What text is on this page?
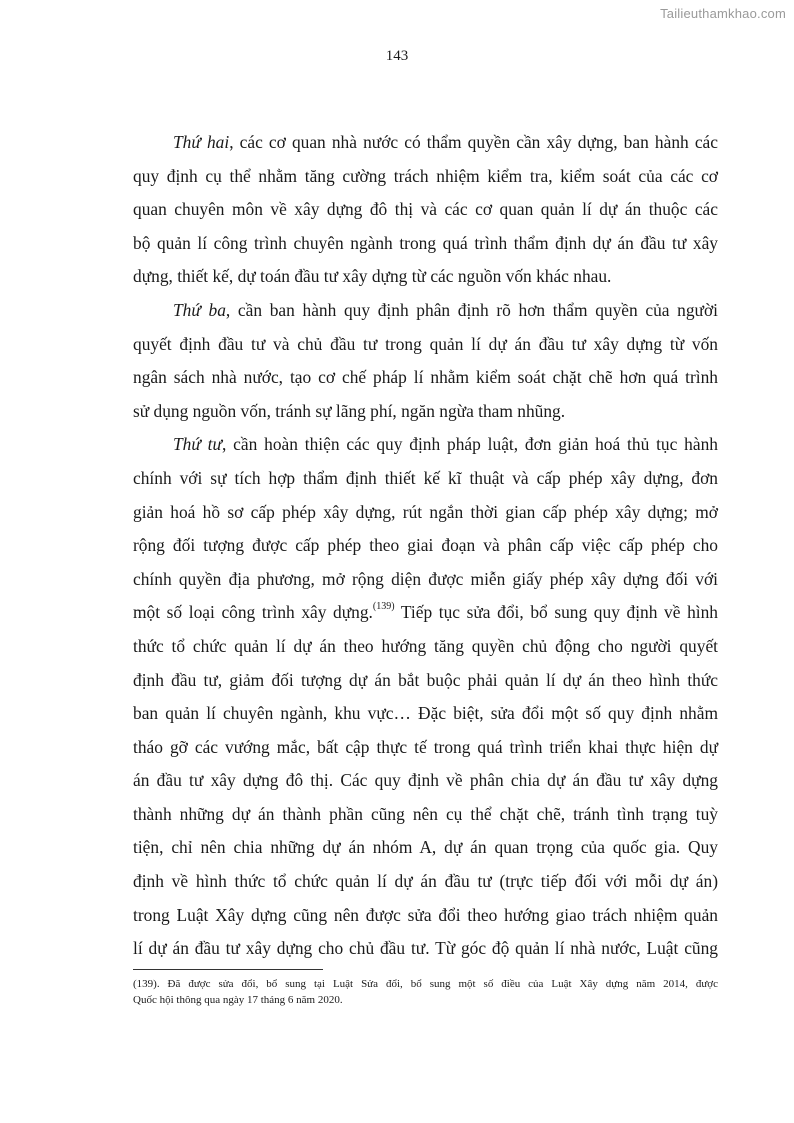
Tailieuthamkhao.com
143
Thứ hai, các cơ quan nhà nước có thẩm quyền cần xây dựng, ban hành các
quy định cụ thể nhằm tăng cường trách nhiệm kiểm tra, kiểm soát của các cơ
quan chuyên môn về xây dựng đô thị và các cơ quan quản lí dự án thuộc các
bộ quản lí công trình chuyên ngành trong quá trình thẩm định dự án đầu tư xây
dựng, thiết kế, dự toán đầu tư xây dựng từ các nguồn vốn khác nhau.
Thứ ba, cần ban hành quy định phân định rõ hơn thẩm quyền của người
quyết định đầu tư và chủ đầu tư trong quản lí dự án đầu tư xây dựng từ vốn
ngân sách nhà nước, tạo cơ chế pháp lí nhằm kiểm soát chặt chẽ hơn quá trình
sử dụng nguồn vốn, tránh sự lãng phí, ngăn ngừa tham nhũng.
Thứ tư, cần hoàn thiện các quy định pháp luật, đơn giản hoá thủ tục hành
chính với sự tích hợp thẩm định thiết kế kĩ thuật và cấp phép xây dựng, đơn
giản hoá hồ sơ cấp phép xây dựng, rút ngắn thời gian cấp phép xây dựng; mở
rộng đối tượng được cấp phép theo giai đoạn và phân cấp việc cấp phép cho
chính quyền địa phương, mở rộng diện được miễn giấy phép xây dựng đối với
một số loại công trình xây dựng.$^{(139)}$ Tiếp tục sửa đổi, bổ sung quy định về hình
thức tổ chức quản lí dự án theo hướng tăng quyền chủ động cho người quyết
định đầu tư, giảm đối tượng dự án bắt buộc phải quản lí dự án theo hình thức
ban quản lí chuyên ngành, khu vực… Đặc biệt, sửa đổi một số quy định nhằm
tháo gỡ các vướng mắc, bất cập thực tế trong quá trình triển khai thực hiện dự
án đầu tư xây dựng đô thị. Các quy định về phân chia dự án đầu tư xây dựng
thành những dự án thành phần cũng nên cụ thể chặt chẽ, tránh tình trạng tuỳ
tiện, chỉ nên chia những dự án nhóm A, dự án quan trọng của quốc gia. Quy
định về hình thức tổ chức quản lí dự án đầu tư (trực tiếp đối với mỗi dự án)
trong Luật Xây dựng cũng nên được sửa đổi theo hướng giao trách nhiệm quản
lí dự án đầu tư xây dựng cho chủ đầu tư. Từ góc độ quản lí nhà nước, Luật cũng
(139). Đã được sửa đổi, bổ sung tại Luật Sửa đổi, bổ sung một số điều của Luật Xây dựng năm 2014, được
Quốc hội thông qua ngày 17 tháng 6 năm 2020.
